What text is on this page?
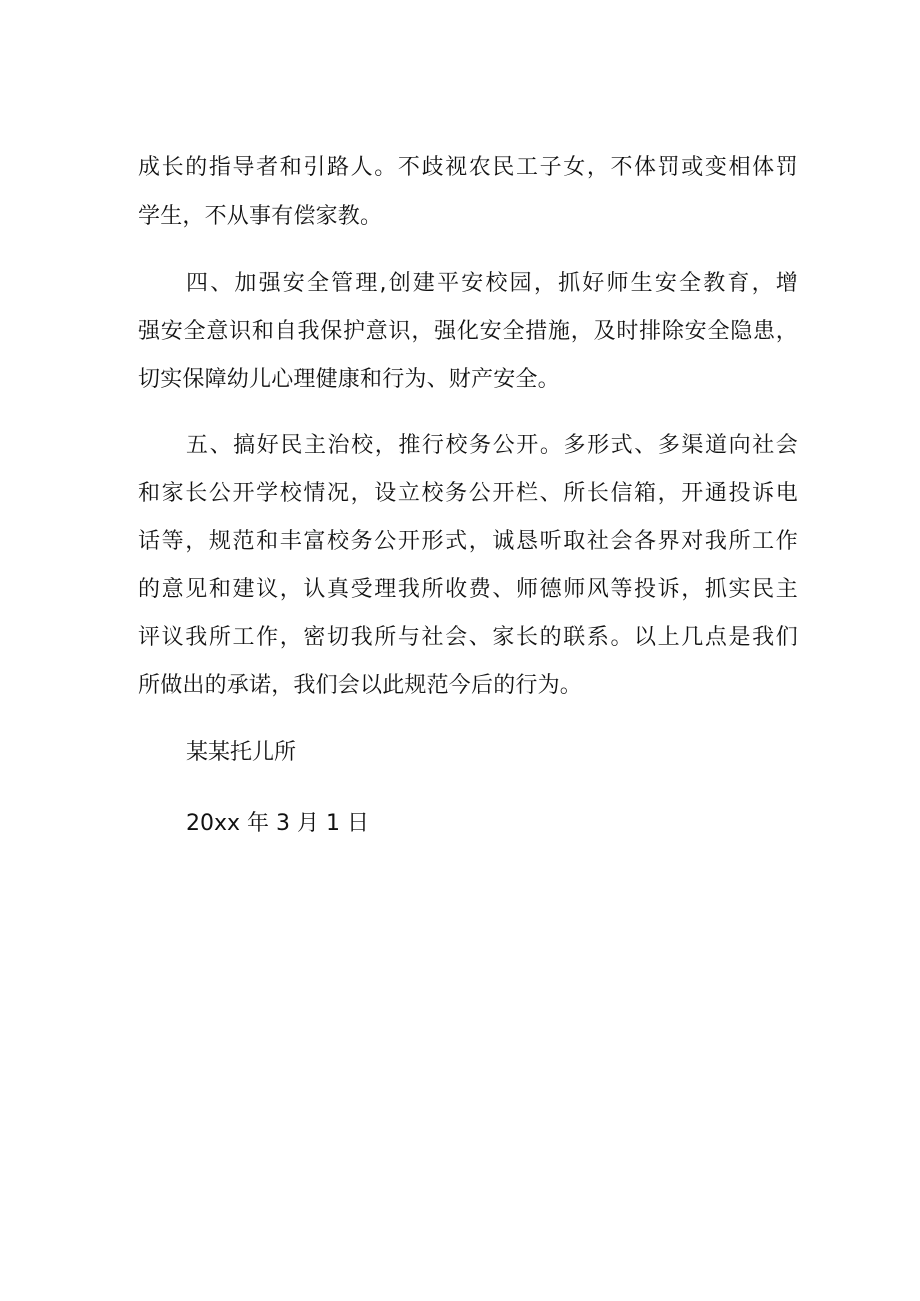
成长的指导者和引路人。不歧视农民工子女，不体罚或变相体罚
学生，不从事有偿家教。
四、加强安全管理,创建平安校园，抓好师生安全教育，增
强安全意识和自我保护意识，强化安全措施，及时排除安全隐患，
切实保障幼儿心理健康和行为、财产安全。
五、搞好民主治校，推行校务公开。多形式、多渠道向社会
和家长公开学校情况，设立校务公开栏、所长信箱，开通投诉电
话等，规范和丰富校务公开形式，诚恳听取社会各界对我所工作
的意见和建议，认真受理我所收费、师德师风等投诉，抓实民主
评议我所工作，密切我所与社会、家长的联系。以上几点是我们
所做出的承诺，我们会以此规范今后的行为。
某某托儿所
20xx 年 3 月 1 日
